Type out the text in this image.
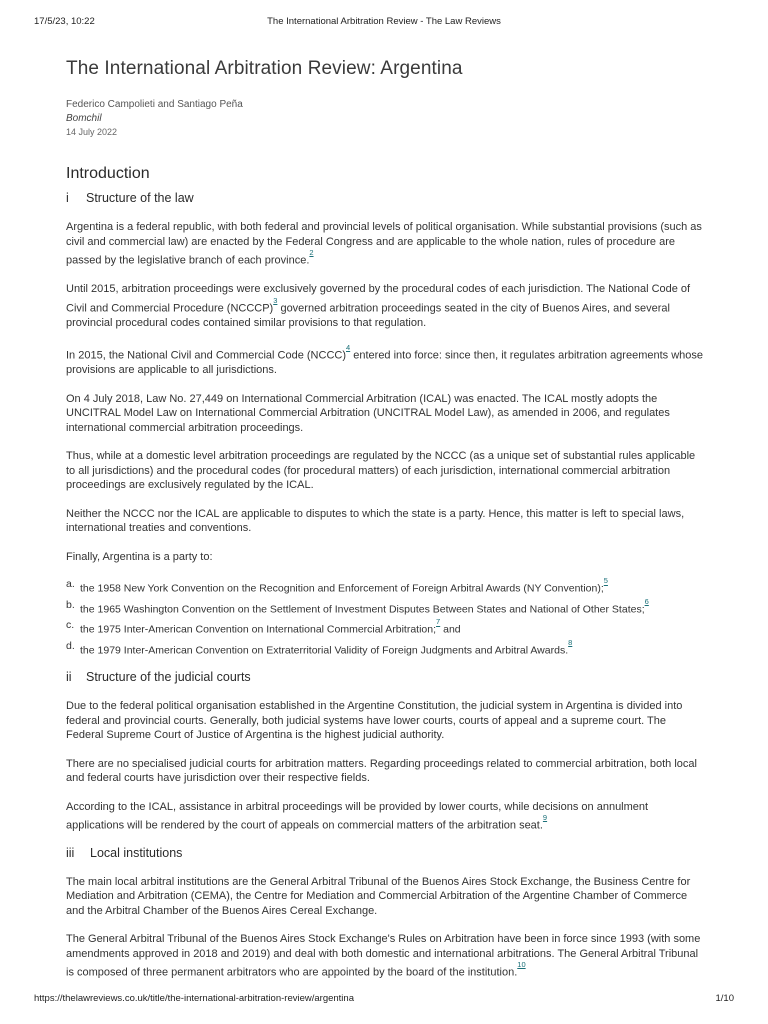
17/5/23, 10:22	The International Arbitration Review - The Law Reviews
The International Arbitration Review: Argentina
Federico Campolieti and Santiago Peña
Bomchil
14 July 2022
Introduction
i	Structure of the law

Argentina is a federal republic, with both federal and provincial levels of political organisation. While substantial provisions (such as civil and commercial law) are enacted by the Federal Congress and are applicable to the whole nation, rules of procedure are passed by the legislative branch of each province.$^{^2}$

Until 2015, arbitration proceedings were exclusively governed by the procedural codes of each jurisdiction. The National Code of Civil and Commercial Procedure (NCCCP)$^{^3}$ governed arbitration proceedings seated in the city of Buenos Aires, and several provincial procedural codes contained similar provisions to that regulation.

In 2015, the National Civil and Commercial Code (NCCC)$^{^4}$ entered into force: since then, it regulates arbitration agreements whose provisions are applicable to all jurisdictions.

On 4 July 2018, Law No. 27,449 on International Commercial Arbitration (ICAL) was enacted. The ICAL mostly adopts the UNCITRAL Model Law on International Commercial Arbitration (UNCITRAL Model Law), as amended in 2006, and regulates international commercial arbitration proceedings.

Thus, while at a domestic level arbitration proceedings are regulated by the NCCC (as a unique set of substantial rules applicable to all jurisdictions) and the procedural codes (for procedural matters) of each jurisdiction, international commercial arbitration proceedings are exclusively regulated by the ICAL.

Neither the NCCC nor the ICAL are applicable to disputes to which the state is a party. Hence, this matter is left to special laws, international treaties and conventions.

Finally, Argentina is a party to:

a. the 1958 New York Convention on the Recognition and Enforcement of Foreign Arbitral Awards (NY Convention);$^5$
b. the 1965 Washington Convention on the Settlement of Investment Disputes Between States and National of Other States;$^6$
c. the 1975 Inter-American Convention on International Commercial Arbitration;$^7$ and
d. the 1979 Inter-American Convention on Extraterritorial Validity of Foreign Judgments and Arbitral Awards.$^8$
ii	Structure of the judicial courts

Due to the federal political organisation established in the Argentine Constitution, the judicial system in Argentina is divided into federal and provincial courts. Generally, both judicial systems have lower courts, courts of appeal and a supreme court. The Federal Supreme Court of Justice of Argentina is the highest judicial authority.

There are no specialised judicial courts for arbitration matters. Regarding proceedings related to commercial arbitration, both local and federal courts have jurisdiction over their respective fields.

According to the ICAL, assistance in arbitral proceedings will be provided by lower courts, while decisions on annulment applications will be rendered by the court of appeals on commercial matters of the arbitration seat.$^{^9}$

iii	Local institutions

The main local arbitral institutions are the General Arbitral Tribunal of the Buenos Aires Stock Exchange, the Business Centre for Mediation and Arbitration (CEMA), the Centre for Mediation and Commercial Arbitration of the Argentine Chamber of Commerce and the Arbitral Chamber of the Buenos Aires Cereal Exchange.

The General Arbitral Tribunal of the Buenos Aires Stock Exchange's Rules on Arbitration have been in force since 1993 (with some amendments approved in 2018 and 2019) and deal with both domestic and international arbitrations. The General Arbitral Tribunal is composed of three permanent arbitrators who are appointed by the board of the institution.$^{^{10}}$

https://thelawreviews.co.uk/title/the-international-arbitration-review/argentina	1/10
